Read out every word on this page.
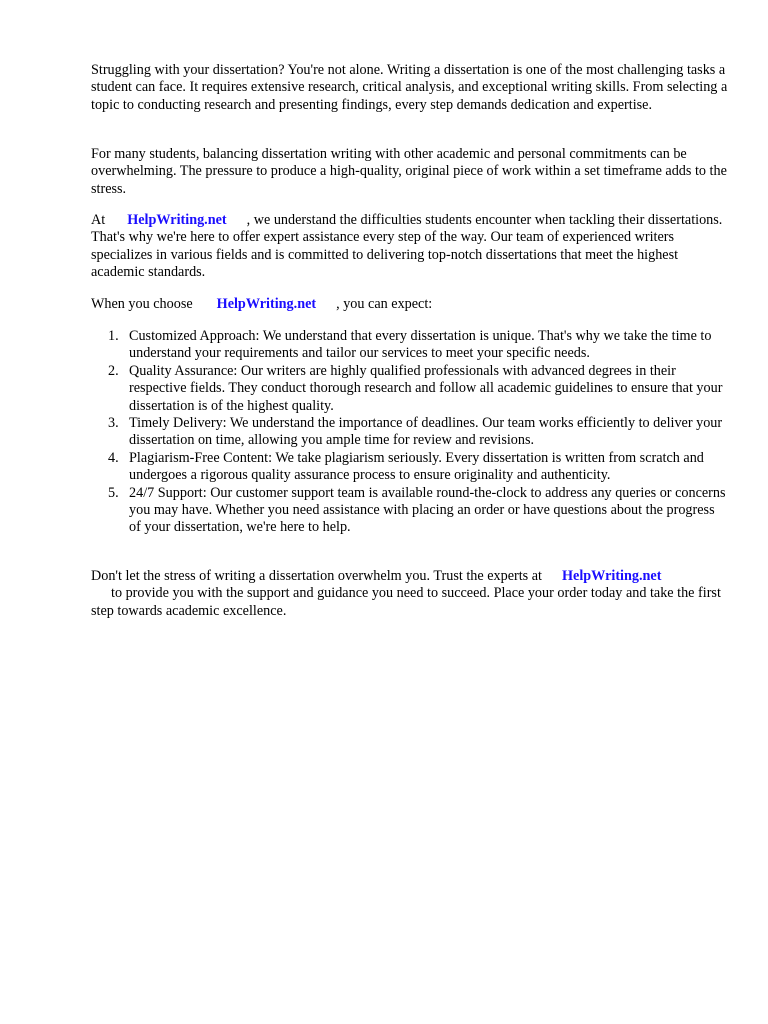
Struggling with your dissertation? You're not alone. Writing a dissertation is one of the most challenging tasks a student can face. It requires extensive research, critical analysis, and exceptional writing skills. From selecting a topic to conducting research and presenting findings, every step demands dedication and expertise.

For many students, balancing dissertation writing with other academic and personal commitments can be overwhelming. The pressure to produce a high-quality, original piece of work within a set timeframe adds to the stress.

At HelpWriting.net , we understand the difficulties students encounter when tackling their dissertations. That's why we're here to offer expert assistance every step of the way. Our team of experienced writers specializes in various fields and is committed to delivering top-notch dissertations that meet the highest academic standards.

When you choose HelpWriting.net , you can expect:

1. Customized Approach: We understand that every dissertation is unique. That's why we take the time to understand your requirements and tailor our services to meet your specific needs.
2. Quality Assurance: Our writers are highly qualified professionals with advanced degrees in their respective fields. They conduct thorough research and follow all academic guidelines to ensure that your dissertation is of the highest quality.
3. Timely Delivery: We understand the importance of deadlines. Our team works efficiently to deliver your dissertation on time, allowing you ample time for review and revisions.
4. Plagiarism-Free Content: We take plagiarism seriously. Every dissertation is written from scratch and undergoes a rigorous quality assurance process to ensure originality and authenticity.
5. 24/7 Support: Our customer support team is available round-the-clock to address any queries or concerns you may have. Whether you need assistance with placing an order or have questions about the progress of your dissertation, we're here to help.

Don't let the stress of writing a dissertation overwhelm you. Trust the experts at HelpWriting.net
to provide you with the support and guidance you need to succeed. Place your order today and take the first step towards academic excellence.
